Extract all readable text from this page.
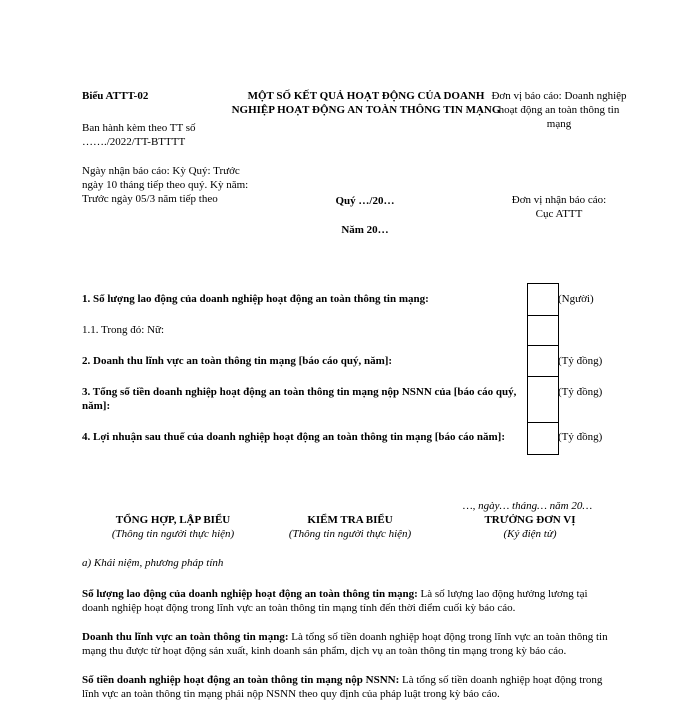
Biểu ATTT-02
Ban hành kèm theo TT số ……./2022/TT-BTTTT
Ngày nhận báo cáo: Kỳ Quý: Trước ngày 10 tháng tiếp theo quý. Kỳ năm: Trước ngày 05/3 năm tiếp theo
MỘT SỐ KẾT QUẢ HOẠT ĐỘNG CỦA DOANH NGHIỆP HOẠT ĐỘNG AN TOÀN THÔNG TIN MẠNG
Quý …/20…
Năm 20…
Đơn vị báo cáo: Doanh nghiệp hoạt động an toàn thông tin mạng
Đơn vị nhận báo cáo:
Cục ATTT
1. Số lượng lao động của doanh nghiệp hoạt động an toàn thông tin mạng:
1.1. Trong đó: Nữ:
2. Doanh thu lĩnh vực an toàn thông tin mạng [báo cáo quý, năm]:
3. Tổng số tiền doanh nghiệp hoạt động an toàn thông tin mạng nộp NSNN của [báo cáo quý, năm]:
4. Lợi nhuận sau thuế của doanh nghiệp hoạt động an toàn thông tin mạng [báo cáo năm]:
(Người)
(Tỷ đồng)
(Tỷ đồng)
(Tỷ đồng)
…, ngày… tháng… năm 20…
TỔNG HỢP, LẬP BIỂU
(Thông tin người thực hiện)
KIỂM TRA BIỂU
(Thông tin người thực hiện)
TRƯỞNG ĐƠN VỊ
(Ký điện tử)
a) Khái niệm, phương pháp tính

Số lượng lao động của doanh nghiệp hoạt động an toàn thông tin mạng: Là số lượng lao động hưởng lương tại doanh nghiệp hoạt động trong lĩnh vực an toàn thông tin mạng tính đến thời điểm cuối kỳ báo cáo.

Doanh thu lĩnh vực an toàn thông tin mạng: Là tổng số tiền doanh nghiệp hoạt động trong lĩnh vực an toàn thông tin mạng thu được từ hoạt động sản xuất, kinh doanh sản phẩm, dịch vụ an toàn thông tin mạng trong kỳ báo cáo.

Số tiền doanh nghiệp hoạt động an toàn thông tin mạng nộp NSNN: Là tổng số tiền doanh nghiệp hoạt động trong lĩnh vực an toàn thông tin mạng phải nộp NSNN theo quy định của pháp luật trong kỳ báo cáo.
